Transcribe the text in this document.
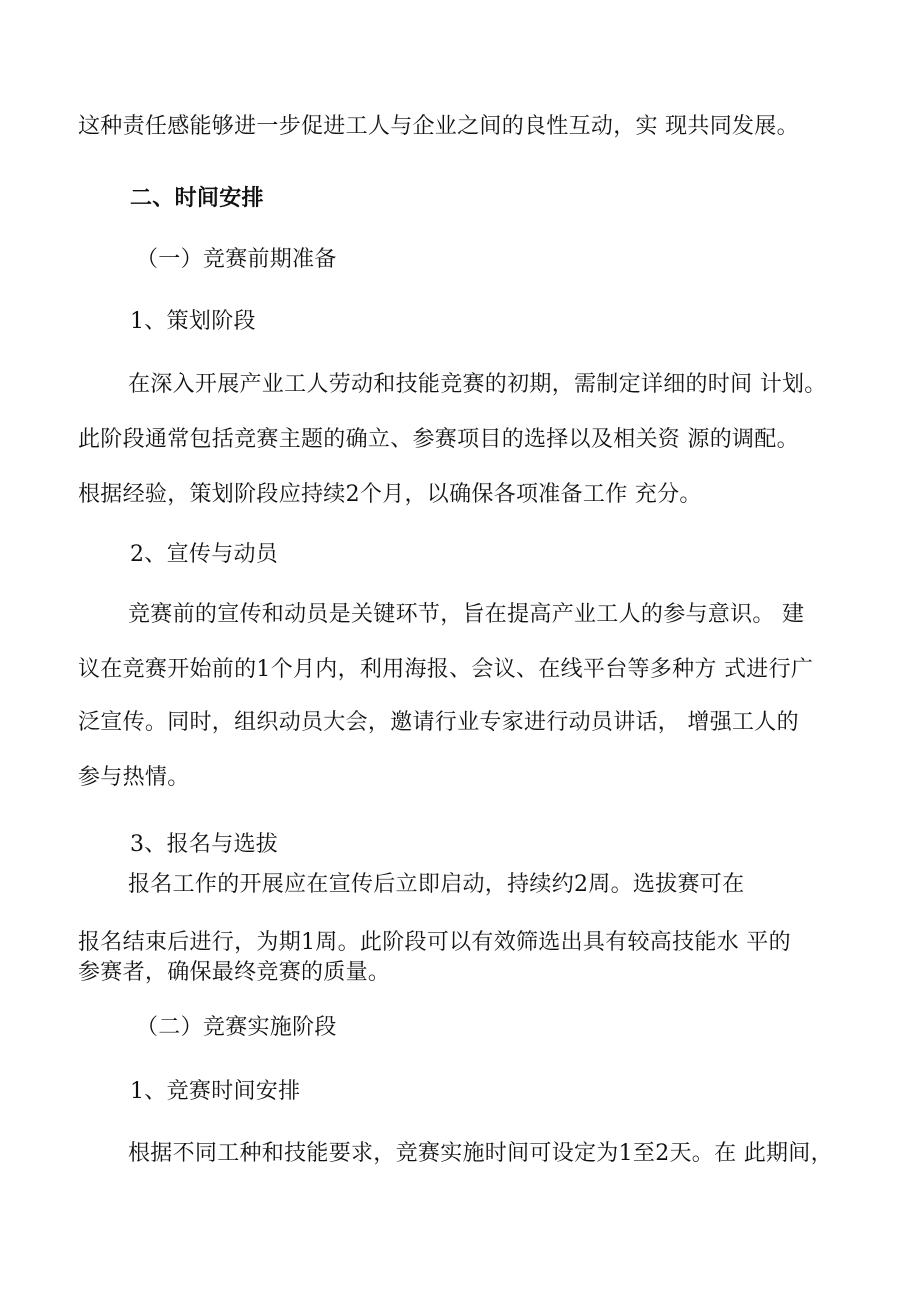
这种责任感能够进一步促进工人与企业之间的良性互动，实 现共同发展。
二、时间安排
（一）竞赛前期准备
1、策划阶段
在深入开展产业工人劳动和技能竞赛的初期，需制定详细的时间 计划。
此阶段通常包括竞赛主题的确立、参赛项目的选择以及相关资 源的调配。
根据经验，策划阶段应持续2个月，以确保各项准备工作 充分。
2、宣传与动员
竞赛前的宣传和动员是关键环节，旨在提高产业工人的参与意识。 建
议在竞赛开始前的1个月内，利用海报、会议、在线平台等多种方 式进行广
泛宣传。同时，组织动员大会，邀请行业专家进行动员讲话， 增强工人的
参与热情。
3、报名与选拔
报名工作的开展应在宣传后立即启动，持续约2周。选拔赛可在
报名结束后进行，为期1周。此阶段可以有效筛选出具有较高技能水 平的
参赛者，确保最终竞赛的质量。
（二）竞赛实施阶段
1、竞赛时间安排
根据不同工种和技能要求，竞赛实施时间可设定为1至2天。在 此期间，
